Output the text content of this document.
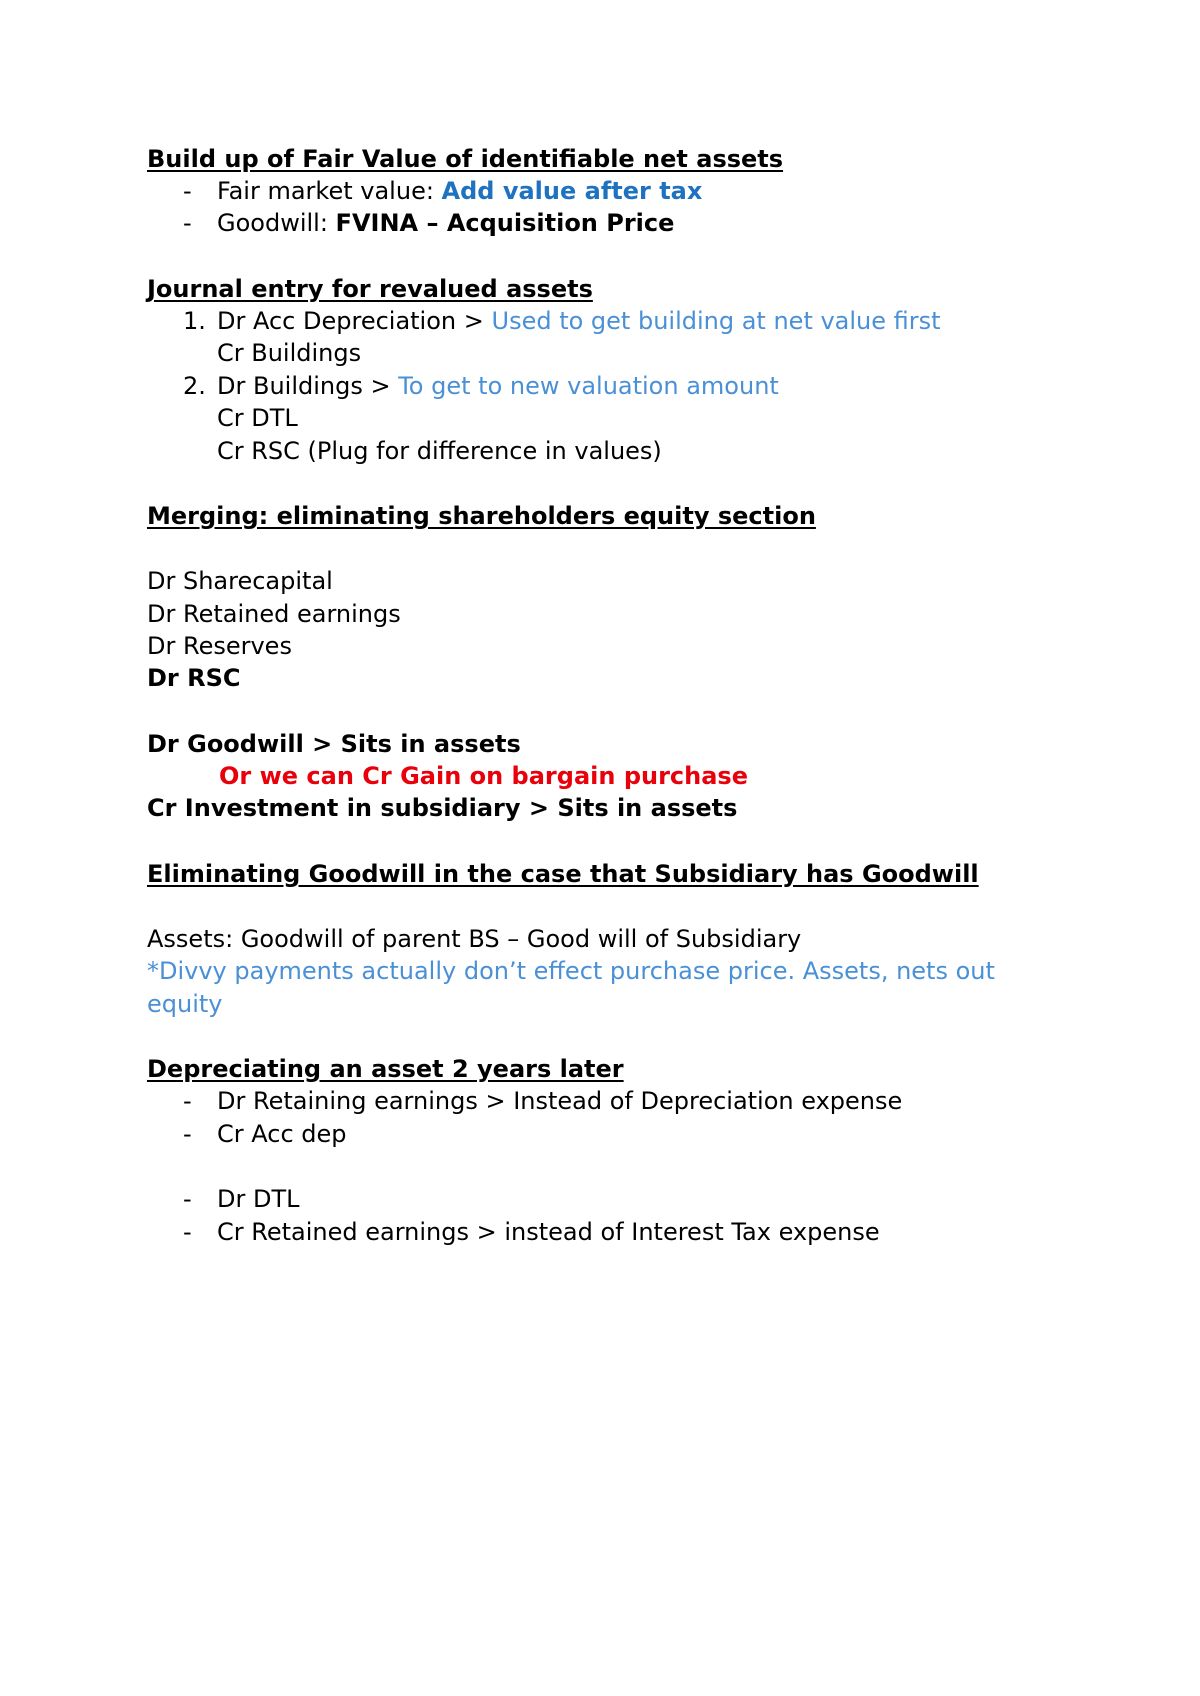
Build up of Fair Value of identifiable net assets
- Fair market value: Add value after tax
- Goodwill: FVINA – Acquisition Price
Journal entry for revalued assets
1. Dr Acc Depreciation > Used to get building at net value first
Cr Buildings
2. Dr Buildings > To get to new valuation amount
Cr DTL
Cr RSC (Plug for difference in values)
Merging: eliminating shareholders equity section
Dr Sharecapital
Dr Retained earnings
Dr Reserves
Dr RSC
Dr Goodwill > Sits in assets
Or we can Cr Gain on bargain purchase
Cr Investment in subsidiary > Sits in assets
Eliminating Goodwill in the case that Subsidiary has Goodwill
Assets: Goodwill of parent BS – Good will of Subsidiary
*Divvy payments actually don’t effect purchase price. Assets, nets out
equity
Depreciating an asset 2 years later
- Dr Retaining earnings > Instead of Depreciation expense
- Cr Acc dep
- Dr DTL
- Cr Retained earnings > instead of Interest Tax expense
